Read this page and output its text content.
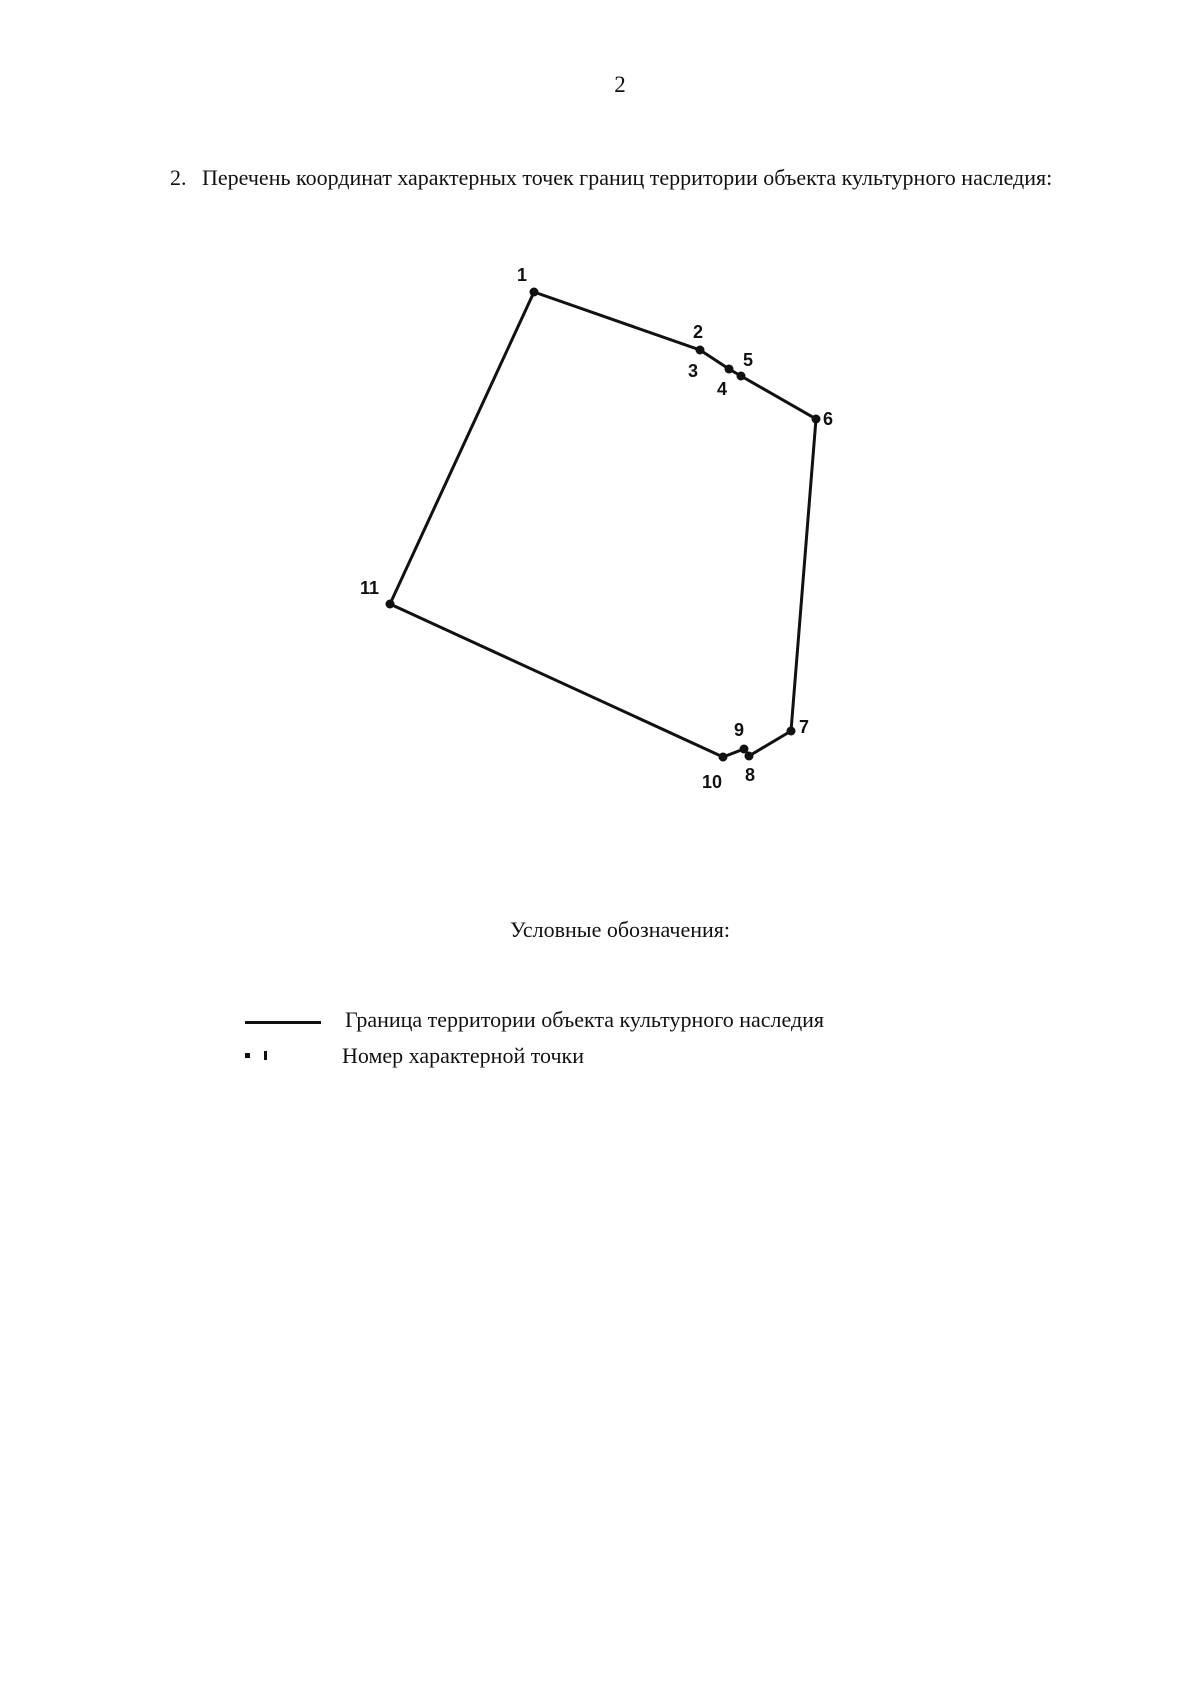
2
2. Перечень координат характерных точек границ территории объекта культурного наследия:
1
2
3
4
5
6
7
8
9
10
11
Условные обозначения:
Граница территории объекта культурного наследия
Номер характерной точки
